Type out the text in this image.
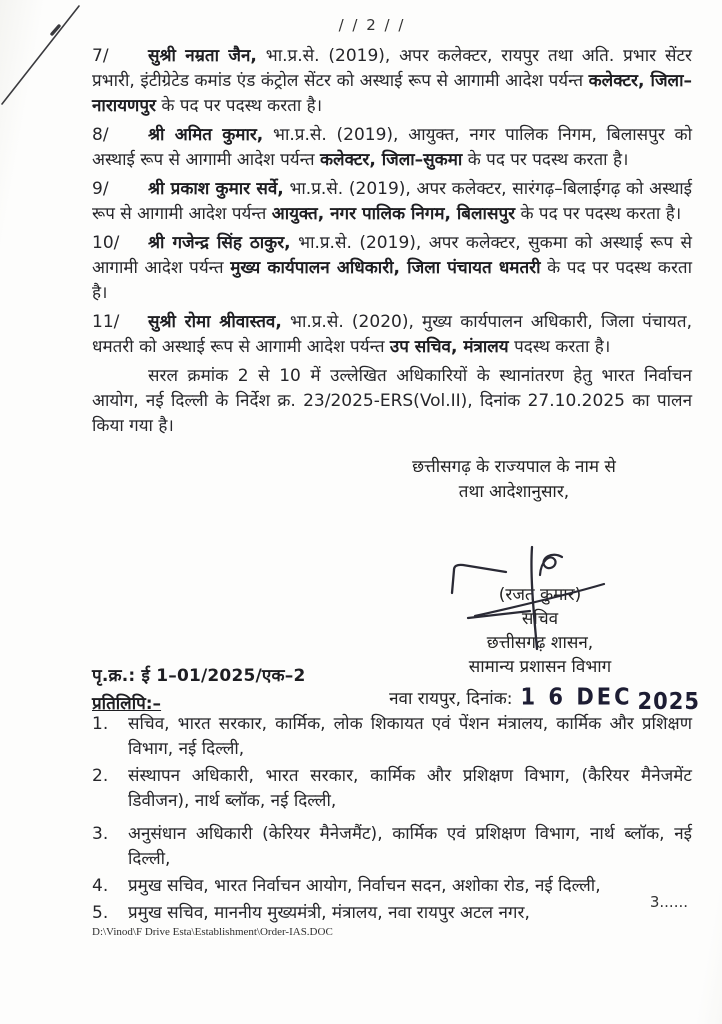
/ / 2 / /

7/ सुश्री नम्रता जैन, भा.प्र.से. (2019), अपर कलेक्टर, रायपुर तथा अति. प्रभार सेंटर प्रभारी, इंटीग्रेटेड कमांड एंड कंट्रोल सेंटर को अस्थाई रूप से आगामी आदेश पर्यन्त कलेक्टर, जिला–नारायणपुर के पद पर पदस्थ करता है।

8/ श्री अमित कुमार, भा.प्र.से. (2019), आयुक्त, नगर पालिक निगम, बिलासपुर को अस्थाई रूप से आगामी आदेश पर्यन्त कलेक्टर, जिला–सुकमा के पद पर पदस्थ करता है।

9/ श्री प्रकाश कुमार सर्वे, भा.प्र.से. (2019), अपर कलेक्टर, सारंगढ़–बिलाईगढ़ को अस्थाई रूप से आगामी आदेश पर्यन्त आयुक्त, नगर पालिक निगम, बिलासपुर के पद पर पदस्थ करता है।

10/ श्री गजेन्द्र सिंह ठाकुर, भा.प्र.से. (2019), अपर कलेक्टर, सुकमा को अस्थाई रूप से आगामी आदेश पर्यन्त मुख्य कार्यपालन अधिकारी, जिला पंचायत धमतरी के पद पर पदस्थ करता है।

11/ सुश्री रोमा श्रीवास्तव, भा.प्र.से. (2020), मुख्य कार्यपालन अधिकारी, जिला पंचायत, धमतरी को अस्थाई रूप से आगामी आदेश पर्यन्त उप सचिव, मंत्रालय पदस्थ करता है।

सरल क्रमांक 2 से 10 में उल्लेखित अधिकारियों के स्थानांतरण हेतु भारत निर्वाचन आयोग, नई दिल्ली के निर्देश क्र. 23/2025-ERS(Vol.II), दिनांक 27.10.2025 का पालन किया गया है।

छत्तीसगढ़ के राज्यपाल के नाम से
तथा आदेशानुसार,
(रजत कुमार)
सचिव
छत्तीसगढ़ शासन,
सामान्य प्रशासन विभाग
नवा रायपुर, दिनांक: 1 6 DEC 2025
पृ.क्र.: ई 1–01/2025/एक–2
प्रतिलिपि:–
1.	सचिव, भारत सरकार, कार्मिक, लोक शिकायत एवं पेंशन मंत्रालय, कार्मिक और प्रशिक्षण विभाग, नई दिल्ली,
2.	संस्थापन अधिकारी, भारत सरकार, कार्मिक और प्रशिक्षण विभाग, (कैरियर मैनेजमेंट डिवीजन), नार्थ ब्लॉक, नई दिल्ली,
3.	अनुसंधान अधिकारी (केरियर मैनेजमैंट), कार्मिक एवं प्रशिक्षण विभाग, नार्थ ब्लॉक, नई दिल्ली,
4.	प्रमुख सचिव, भारत निर्वाचन आयोग, निर्वाचन सदन, अशोका रोड, नई दिल्ली,
5.	प्रमुख सचिव, माननीय मुख्यमंत्री, मंत्रालय, नवा रायपुर अटल नगर,
3......
D:\Vinod\F Drive Esta\Establishment\Order-IAS.DOC
